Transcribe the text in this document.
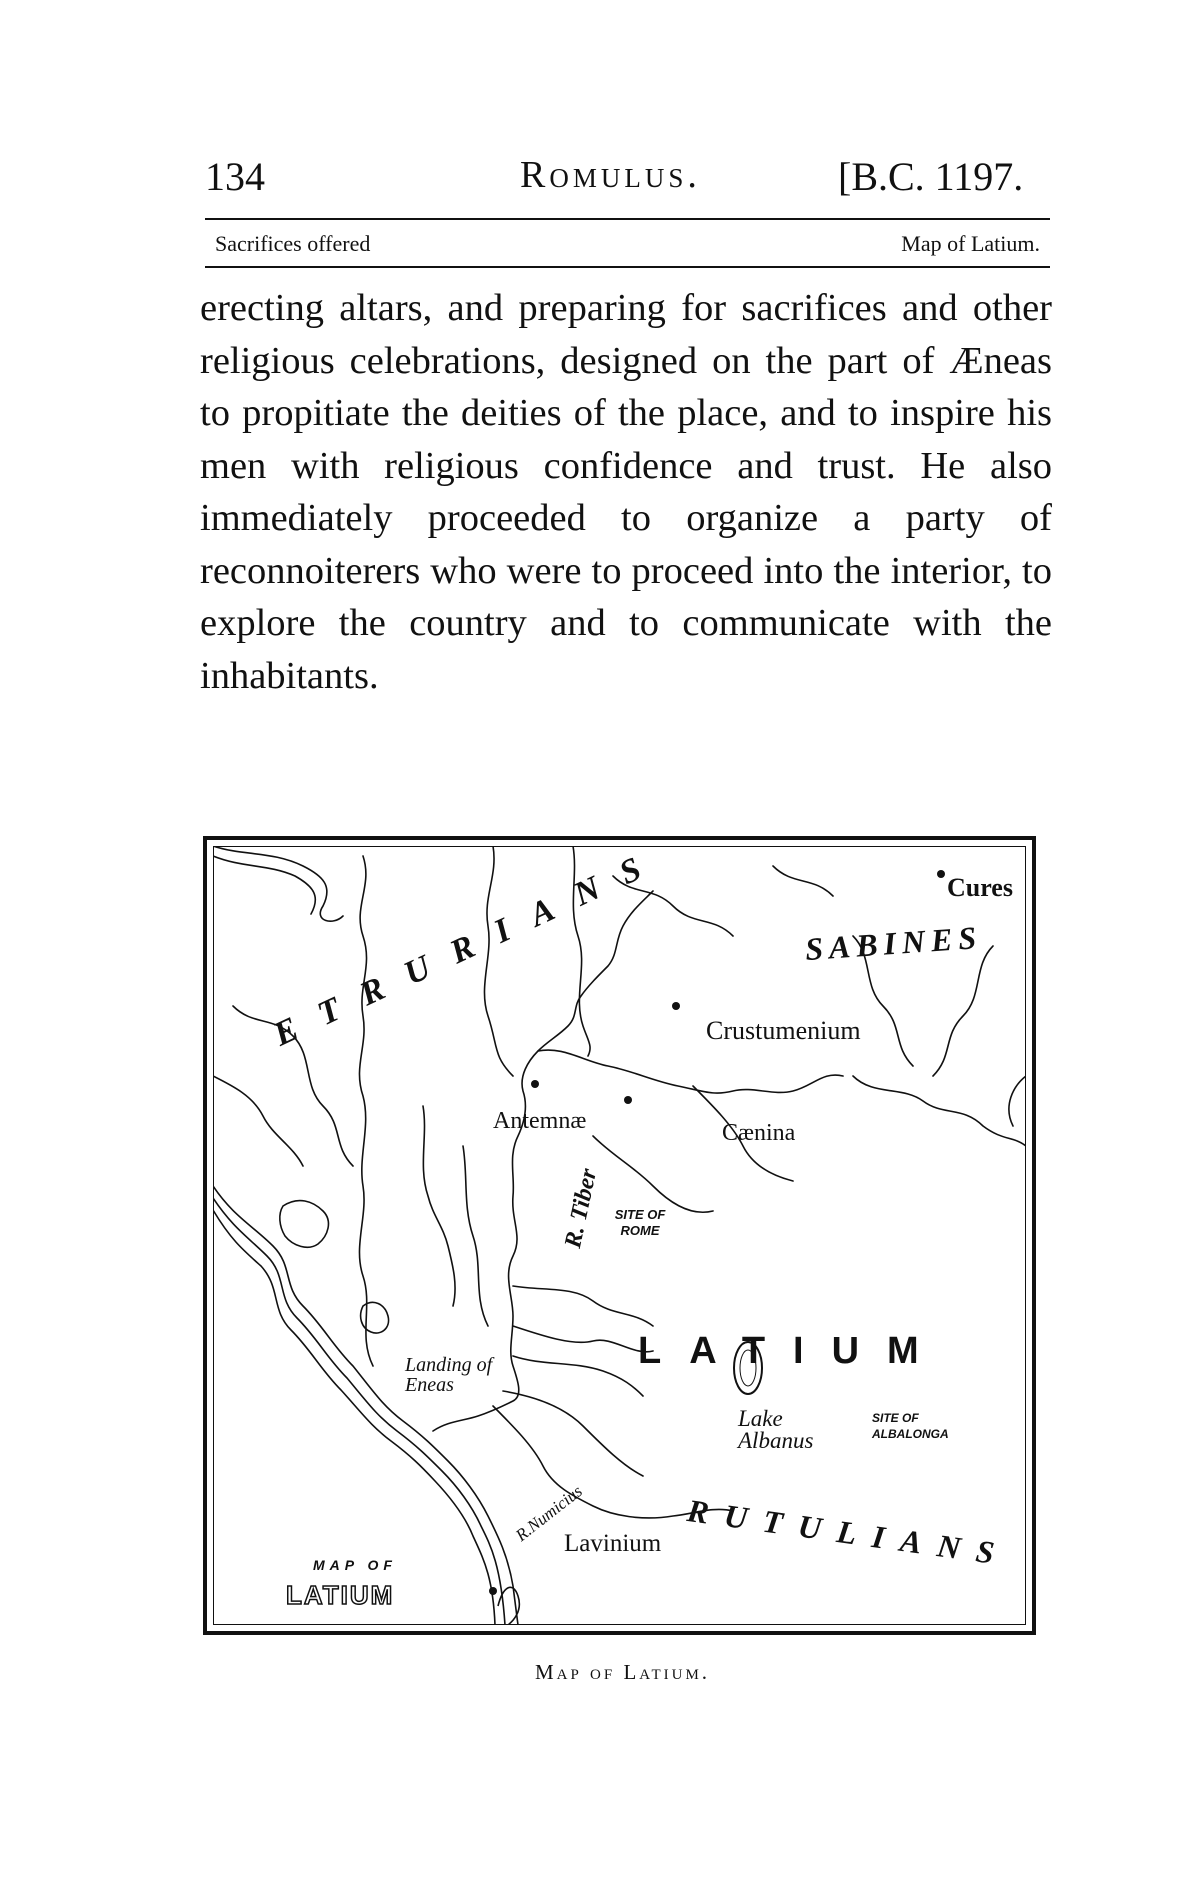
134	Romulus.	[B.C. 1197.
Sacrifices offered	Map of Latium.
erecting altars, and preparing for sacrifices and other religious celebrations, designed on the part of Æneas to propitiate the deities of the place, and to inspire his men with religious confidence and trust. He also immediately proceeded to organize a party of reconnoiterers who were to proceed into the interior, to explore the country and to communicate with the inhabitants.
ETRURIANS	SABINES
Cures
Crustumenium
Antemnæ	Cænina
R. Tiber SITE OF ROME
LATIUM
Landing of Eneas
Lake Albanus
SITE OF ALBALONGA
R.Numicius
Lavinium RUTULIANS
MAP OF
LATIUM
Map of Latium.
